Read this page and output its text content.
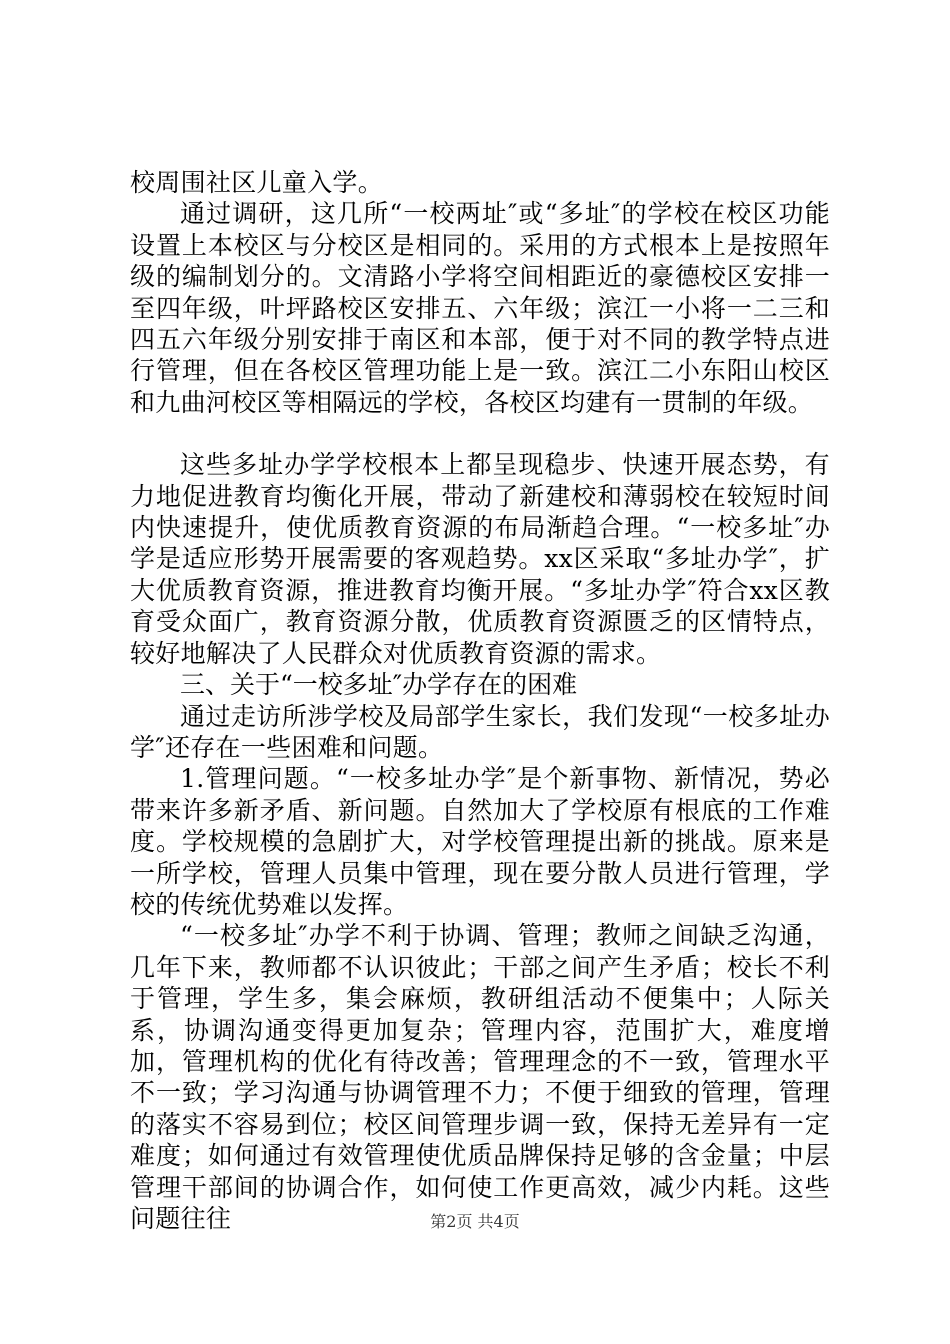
校周围社区儿童入学。

通过调研，这几所“一校两址″或“多址″的学校在校区功能设置上本校区与分校区是相同的。采用的方式根本上是按照年级的编制划分的。文清路小学将空间相距近的豪德校区安排一至四年级，叶坪路校区安排五、六年级；滨江一小将一二三和四五六年级分别安排于南区和本部，便于对不同的教学特点进行管理，但在各校区管理功能上是一致。滨江二小东阳山校区和九曲河校区等相隔远的学校，各校区均建有一贯制的年级。

这些多址办学学校根本上都呈现稳步、快速开展态势，有力地促进教育均衡化开展，带动了新建校和薄弱校在较短时间内快速提升，使优质教育资源的布局渐趋合理。“一校多址″办学是适应形势开展需要的客观趋势。xx区采取“多址办学″，扩大优质教育资源，推进教育均衡开展。“多址办学″符合xx区教育受众面广，教育资源分散，优质教育资源匮乏的区情特点，较好地解决了人民群众对优质教育资源的需求。

三、关于“一校多址″办学存在的困难

通过走访所涉学校及局部学生家长，我们发现“一校多址办学″还存在一些困难和问题。

1.管理问题。“一校多址办学″是个新事物、新情况，势必带来许多新矛盾、新问题。自然加大了学校原有根底的工作难度。学校规模的急剧扩大，对学校管理提出新的挑战。原来是一所学校，管理人员集中管理，现在要分散人员进行管理，学校的传统优势难以发挥。

“一校多址″办学不利于协调、管理；教师之间缺乏沟通，几年下来，教师都不认识彼此；干部之间产生矛盾；校长不利于管理，学生多，集会麻烦，教研组活动不便集中；人际关系，协调沟通变得更加复杂；管理内容，范围扩大，难度增加，管理机构的优化有待改善；管理理念的不一致，管理水平不一致；学习沟通与协调管理不力；不便于细致的管理，管理的落实不容易到位；校区间管理步调一致，保持无差异有一定难度；如何通过有效管理使优质品牌保持足够的含金量；中层管理干部间的协调合作，如何使工作更高效，减少内耗。这些问题往往	第2页 共4页
